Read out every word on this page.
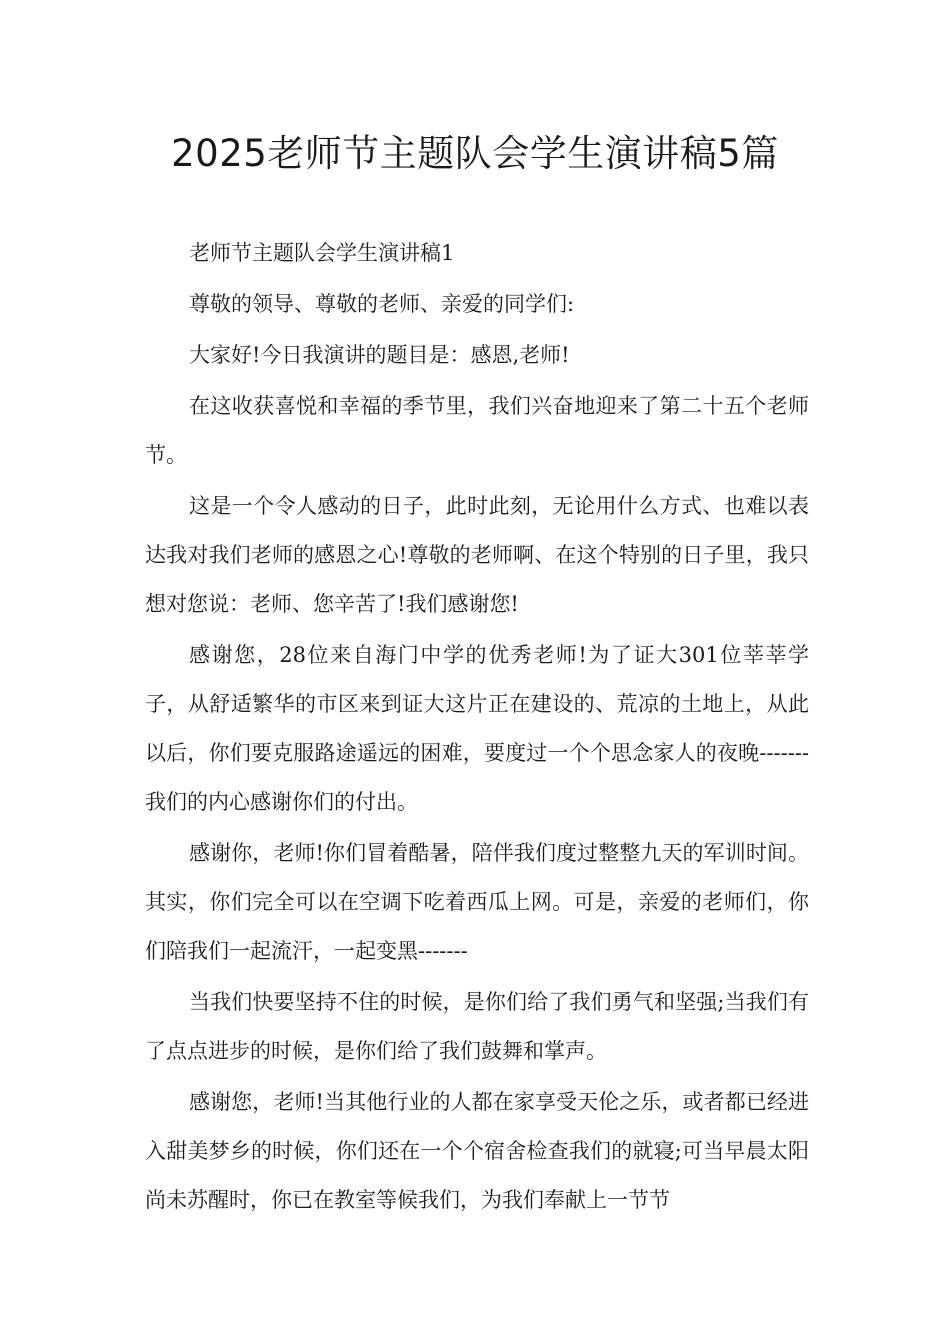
2025老师节主题队会学生演讲稿5篇

老师节主题队会学生演讲稿1

尊敬的领导、尊敬的老师、亲爱的同学们:

大家好!今日我演讲的题目是：感恩,老师!

在这收获喜悦和幸福的季节里，我们兴奋地迎来了第二十五个老师节。

这是一个令人感动的日子，此时此刻，无论用什么方式、也难以表达我对我们老师的感恩之心!尊敬的老师啊、在这个特别的日子里，我只想对您说：老师、您辛苦了!我们感谢您!

感谢您，28位来自海门中学的优秀老师!为了证大301位莘莘学子，从舒适繁华的市区来到证大这片正在建设的、荒凉的土地上，从此以后，你们要克服路途遥远的困难，要度过一个个思念家人的夜晚-------我们的内心感谢你们的付出。

感谢你，老师!你们冒着酷暑，陪伴我们度过整整九天的军训时间。其实，你们完全可以在空调下吃着西瓜上网。可是，亲爱的老师们，你们陪我们一起流汗，一起变黑-------

当我们快要坚持不住的时候，是你们给了我们勇气和坚强;当我们有了点点进步的时候，是你们给了我们鼓舞和掌声。

感谢您，老师!当其他行业的人都在家享受天伦之乐，或者都已经进入甜美梦乡的时候，你们还在一个个宿舍检查我们的就寝;可当早晨太阳尚未苏醒时，你已在教室等候我们，为我们奉献上一节节
